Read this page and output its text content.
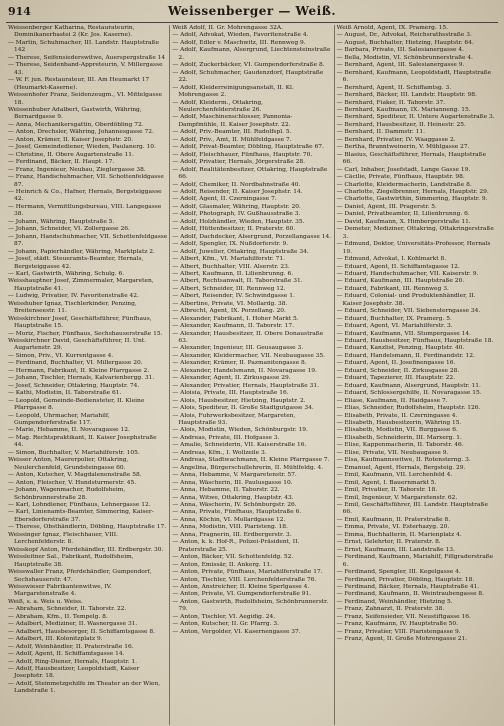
914	Weissenberger — Weiß.
Weissenberger Katharina, Restaurateurin, Dominikanerbastei 2 (Kr. Jos. Kaserne).
— Martin, Schuhmacher, III. Landstr. Hauptstraße 142
— Therese, Seifensiederswitwe, Auerspergstraße 14
— Therese, Seidenband-Appreteurin, V. Millergasse 43.
— W. F. jun. Restaurateur, III. Am Heumarkt 17 (Heumarkt-Kaserne).
Weissenhofer Franz, Seidenzeugm., VI. Mittelgasse 18.
Weissenhuber Adalbert, Gastwirth, Währing, Bernardgasse 9.
— Anna, Mechanikersgattin, Oberdöbling 72.
— Anton, Drechsler, Währing, Johannesgasse 72.
— Anton, Krämer, II. Kaiser Josephstr. 20.
— Josef, Gemeindediener, Wieden, Paulanerg. 10.
— Christine, II. Obere Augartenstraße 11.
— Ferdinand, Bäcker, II. Haupt. 17.
— Franz, Ingenieur, Neubau, Zieglergasse 38.
— Franz, Handschuhmacher, VII. Schottenfeldgasse 87.
— Heinrich & Co., Hafner, Hernals, Bergsteiggasse 42.
— Hermann, Vermittlungsbureau, VIII. Langegasse 38.
— Johann, Währing, Hauptstraße 5.
— Johann, Schneider, VI. Zollergasse 26.
— Johann, Handschuhmacher, VII. Schottenfeldgasse 87.
— Johann, Papierhändler, Währing, Marktplatz 2.
— Josef, städt. Steueramts-Beamter, Hernals, Bergsteiggasse 42.
— Karl, Gastwirth, Währing, Schulg. 6.
Weisshauptner Josef, Zimmermaler, Margareten, Hauptstraße 41.
— Ludwig, Privatier, IV. Favoritenstraße 42.
Weisshuber Ignaz, Tischlerkinder, Penzing, Breitenseestr. 11.
Weisskirchner Josef, Geschäftsführer, Fünfhaus, Hauptstraße 15.
— Moriz, Fischer, Fünfhaus, Sechshauserstraße 15.
Weisskirchner David, Geschäftsführer, II. Unt. Augartenstr. 29.
— Simon, Priv., VI. Kurrentgasse 4.
— Ferdinand, Buchhalter, VI. Millergasse 20.
— Hermann, Fabrikant, II. Kleine Pfarrgasse 2.
— Johann, Tischler, Hernals, Kalvarienbergg. 31.
— Josef, Schneider, Ottakring, Hauptstr. 74.
— Kathi, Modistin, II. Taborstraße 61.
— Leopold, Gemeinde-Bediensteter, II. Kleine Pfarrgasse 8.
— Leopold, Uhrmacher, Mariahilf, Gumpendorferstraße 117.
— Marie, Hebamme, II. Novaragasse 12.
— Mag. Rechtspraktikant, II. Kaiser Josephstraße 44.
— Simon, Buchhalter, V. Mariahilferstr. 105.
Weisser Anton, Maurerpolier, Ottakring, Neulerchenfeld, Grundsteingasse 60.
— Anton, Kutscher, V. Magdalenenstraße 58.
— Anton, Fleischer, V. Hundsturmerstr. 45.
— Johann, Wagenmacher, Rudolfsheim, Schönbrunnerstraße 28.
— Karl, Lohndiener, Fünfhaus, Lehnergasse 12.
— Karl, Linienamts-Beamter, Simmering, Kaiser-Ebersdorferstraße 37.
— Therese, Obsthändlerin, Döbling, Hauptstraße 17.
Weissinger Ignaz, Fleischhauer, VIII. Lerchenfelderstr. 8.
Weisskopf Anton, Pferdehändler, III. Erdbergstr. 30.
Weissleitner Sal., Fabrikant, Rudolfsheim, Hauptstraße 38.
Weisswaller Franz, Pferdehändler, Gumpendorf, Sechshauserstr. 47.
Weisswieser Fabrikantenwitwe, IV. Margaretenstraße 4.
Weiß, s. a. Weis u. Weiss.
— Abraham, Schneider, II. Taborstr. 22.
— Abraham, Kfm., II. Tempelg. 8.
— Adalbert, Mediziner, II. Wasnergasse 31.
— Adalbert, Hausbesorger, II. Schiffamtsgasse 8.
— Adalbert, III. Kolonitzplatz 9.
— Adolf, Weinhändler, II. Praterstraße 16.
— Adolf, Agent, II. Schiffamtsgasse 14.
— Adolf, Ring-Diener, Hernals, Hauptstr. 1.
— Adolf, Hausbesitzer, Leopoldstadt, Kaiser Josephstr. 18.
— Adolf, Steinmetzgehilfe im Theater an der Wien, Landstraße 1.
Weiß Adolf, II. Gr. Mohrengasse 32A.
— Adolf, Advokat, Wieden, Favoritenstraße 4.
— Adolf, Edler v. Maschwitz, III. Rennweg 9.
— Adolf, Kaufmann, Alsergrund, Liechtensteinstraße 2.
— Adolf, Zuckerbäcker, VI. Gumpendorferstraße 8.
— Adolf, Schuhmacher, Gaudenzdorf, Hauptstraße 22.
— Adolf, Kleiderreinigungsanstalt, II. Kl. Mohrengasse 2.
— Adolf, Kleiderm., Ottakring, Neulerchenfelderstraße 26.
— Adolf, Maschinenschlosser, Pannonia-Dampfmühle, II. Kaiser Josephstr. 22.
— Adolf, Priv.-Beamter, III. Rudolfspl. 5.
— Adolf, Priv., Amt, II. Mühlfeldgasse 7.
— Adolf, Privat-Beamter, Döbling, Hauptstraße 67.
— Adolf, Fleischhauer, Fünfhaus, Hauptstr. 70.
— Adolf, Privatier, Hernals, Jörgerstraße 28.
— Adolf, Realitätenbesitzer, Ottakring, Hauptstraße 66.
— Adolf, Chemiker, II. Nordbahnstraße 40.
— Adolf, Reisender, II. Kaiser Josephstr. 14.
— Adolf, Agent, II. Czerningasse 7.
— Adolf, Glasmaler, Währing, Hauptstr. 20.
— Adolf, Photograph, IV. Gußhausstraße 3.
— Adolf, Holzhändler, Wieden, Hauptstr. 35.
— Adolf, Hüttenbesitzer, II. Praterstr. 60.
— Adolf, Dachdecker, Alsergrund, Porzellangasse 14.
— Adolf, Spengler, IX. Nußdorferstr. 9.
— Adolf, Juwelier, Ottakring, Hauptstraße 34.
— Albert, Kfm., VI. Mariahilferstr. 71.
— Albert, Buchhalter, VIII. Alserstr. 23.
— Albert, Kaufmann, II. Lilienbrunng. 6.
— Albert, Rechtsanwalt, II. Taborstraße 31.
— Albert, Schneider, III. Rennweg 12.
— Albert, Reisender, IV. Schwindgasse 1.
— Albertine, Private, VI. Mollardg. 38.
— Albrecht, Agent, IX. Porzellang. 20.
— Alexander, Fabrikant, I. Hoher Markt 5.
— Alexander, Kaufmann, II. Taborstr. 17.
— Alexander, Hausbesitzer, II. Obere Donaustraße 63.
— Alexander, Ingenieur, III. Geusaugasse 3.
— Alexander, Kleidermacher, VII. Neubaugasse 35.
— Alexander, Krämer, II. Pazmanitengasse 8.
— Alexander, Handelsmann, II. Novaragasse 19.
— Alexander, Agent, II. Zirkusgasse 29.
— Alexander, Privatier, Hernals, Hauptstraße 31.
— Aloisia, Private, III. Hauptstraße 16.
— Alois, Hausbesitzer, Hietzing, Hauptstr. 2.
— Alois, Spediteur, II. Große Stadtgutgasse 34.
— Alois, Fuhrwerksbesitzer, Margareten, Hauptstraße 93.
— Alois, Modistin, Wieden, Schönburgstr. 19.
— Andreas, Private, III. Hofgasse 3.
— Amalie, Schneiderin, VII. Kaiserstraße 16.
— Andreas, Kfm., I. Wollzeile 3.
— Andreas, Stadtwachmann, II. Kleine Pfarrgasse 7.
— Angelina, Bürgerschullehrerin, II. Mühlfeldg. 4.
— Anna, Hebamme, V. Margaretenstr. 57.
— Anna, Wäscherin, III. Paulusgasse 10.
— Anna, Hebamme, II. Taborstr. 22.
— Anna, Witwe, Ottakring, Hauptstr. 43.
— Anna, Wäscherin, IV. Schönburgstr. 26.
— Anna, Private, Fünfhaus, Hauptstraße 6.
— Anna, Köchin, VI. Mollardgasse 12.
— Anna, Modistin, VIII. Piaristeng. 18.
— Anna, Fragnerin, III. Erdbergerstr. 3.
— Anton, k. k. Hof-R., Polizei-Präsident, II. Praterstraße 25.
— Anton, Bäcker, VII. Schottenfeldg. 52.
— Anton, Emissär, II. Ankerg. 11.
— Anton, Private, Fünfhaus, Mariahilferstraße 17.
— Anton, Tischler, VIII. Lerchenfelderstraße 76.
— Anton, Anstreicher, II. Kleine Sperlgasse 4.
— Anton, Private, VI. Gumpendorferstraße 91.
— Anton, Gastwirth, Rudolfsheim, Schönbrunnerstr. 79.
— Anton, Tischler, VI. Aegidig. 24.
— Anton, Kutscher, II. Gr. Pfarrg. 3.
— Anton, Vergolder, VI. Kasernengasse 37.
Weiß Arnold, Agent, IX. Pramerg. 15.
— August, Dr., Advokat, Reichsrathsstraße 3.
— August, Buchhalter, Hietzing, Hauptstr. 64.
— Barbara, Private, III. Salesianergasse 4.
— Bella, Modistin, VI. Schönbrunnerstraße 4.
— Bernhard, Agent, III. Salesianergasse 9.
— Bernhard, Kaufmann, Leopoldstadt, Hauptstraße 6.
— Bernhard, Agent, II. Schiffamtsg. 3.
— Bernhard, Bäcker, III. Landstr. Hauptstr. 98.
— Bernhard, Fiaker, II. Taborstr. 37.
— Bernhard, Kaufmann, IX. Marianneng. 15.
— Bernhard, Spediteur, II. Untere Augartenstraße 3.
— Bernhard, Hausbesitzer, II. Heinestr. 25.
— Bernhard, II. Dammstr. 11.
— Bernhard, Privatier, IV. Waaggasse 2.
— Bertha, Branntweinerin, V. Mühlgasse 27.
— Blasius, Geschäftsführer, Hernals, Hauptstraße 66.
— Carl, Inhaber, Josefstadt, Lange Gasse 19.
— Cäcilie, Private, Fünfhaus, Hauptstr. 98.
— Charlotte, Kleidermacherin, Landstraße 8.
— Charlotte, Ziegelbrenner, Hernals, Hauptstr. 29.
— Charlotte, Gastwirthin, Simmering, Hauptstr. 9.
— Daniel, Agent, III. Pragerstr. 5.
— Daniel, Privatbeamter, II. Lilienbrunng. 6.
— David, Kaufmann, X. Himbergerstraße 11.
— Demeter, Mediziner, Ottakring, Ottakringerstraße 3.
— Edmund, Doktor, Universitäts-Professor, Hernals 19.
— Edmund, Advokat, I. Kohlmarkt 8.
— Eduard, Agent, II. Schiffamtsgasse 12.
— Eduard, Handschuhmacher, VII. Kaiserstr. 9.
— Eduard, Kaufmann, III. Hauptstraße 20.
— Eduard, Fabrikant, III. Rennweg 3.
— Eduard, Colonial- und Produktenhändler, II. Kaiser Josephstr. 38.
— Eduard, Schneider, VII. Siebensterngasse 34.
— Eduard, Buchhalter, IX. Pramerg. 5.
— Eduard, Agent, VI. Mariahilferstr. 3.
— Eduard, Kaufmann, VII. Stumpergasse 14.
— Eduard, Hausbesitzer, Fünfhaus, Hauptstraße 18.
— Eduard, Kanzlist, Penzing, Hauptstr. 40.
— Eduard, Handelsmann, II. Ferdinandstr. 12.
— Eduard, Agent, II. Josefinengasse 16.
— Eduard, Schneider, II. Zirkusgasse 28.
— Eduard, Tapezierer, III. Hauptstr. 22.
— Eduard, Kaufmann, Alsergrund, Hauptstr. 11.
— Eduard, Schlossergehilfe, II. Novaragasse 15.
— Eliase, Kaufmann, II. Haidgasse 7.
— Elias, Schneider, Rudolfsheim, Hauptstr. 126.
— Elisabeth, Private, II. Czerningasse 4.
— Elisabeth, Hausbesitzerin, Währing 15.
— Elisabeth, Modistin, VII. Burggasse 6.
— Elisabeth, Schneiderin, III. Marxerg. 1.
— Elise, Kappenmacherin, II. Taborstr. 46.
— Elise, Private, VII. Neubaugasse 9.
— Elsa, Kaufmannswitwe, II. Rotensterng. 3.
— Emanuel, Agent, Hernals, Bergsteig. 29.
— Emil, Kaufmann, VII. Lerchenfeld 4.
— Emil, Agent, I. Bauernmarkt 5.
— Emil, Privatier, II. Taborstr. 18.
— Emil, Ingenieur, V. Margaretenstr. 62.
— Emil, Geschäftsführer, III. Landstr. Hauptstraße 66.
— Emil, Kaufmann, II. Praterstraße 8.
— Emma, Private, VI. Esterhazyg. 20.
— Emma, Buchhalterin, II. Marienplatz 4.
— Ernst, Gelehrter, II. Praterstr. 8.
— Ernst, Kaufmann, III. Landstraße 13.
— Ferdinand, Kaufmann, Mariahilf, Fillgraderstraße 6.
— Ferdinand, Spengler, III. Kegelgasse 4.
— Ferdinand, Privatier, Döbling, Hauptstr. 18.
— Ferdinand, Bäcker, Hernals, Hauptstraße 41.
— Ferdinand, Kaufmann, II. Weintraubengasse 8.
— Ferdinand, Weinhändler, Hietzing 5.
— Franz, Zahnarzt, II. Praterstr. 38.
— Franz, Seifensieder, VII. Neustiftgasse 16.
— Franz, Kaufmann, IV. Hauptstraße 50.
— Franz, Privatier, VIII. Piaristengasse 9.
— Franz, Agent, II. Große Mohrengasse 21.
